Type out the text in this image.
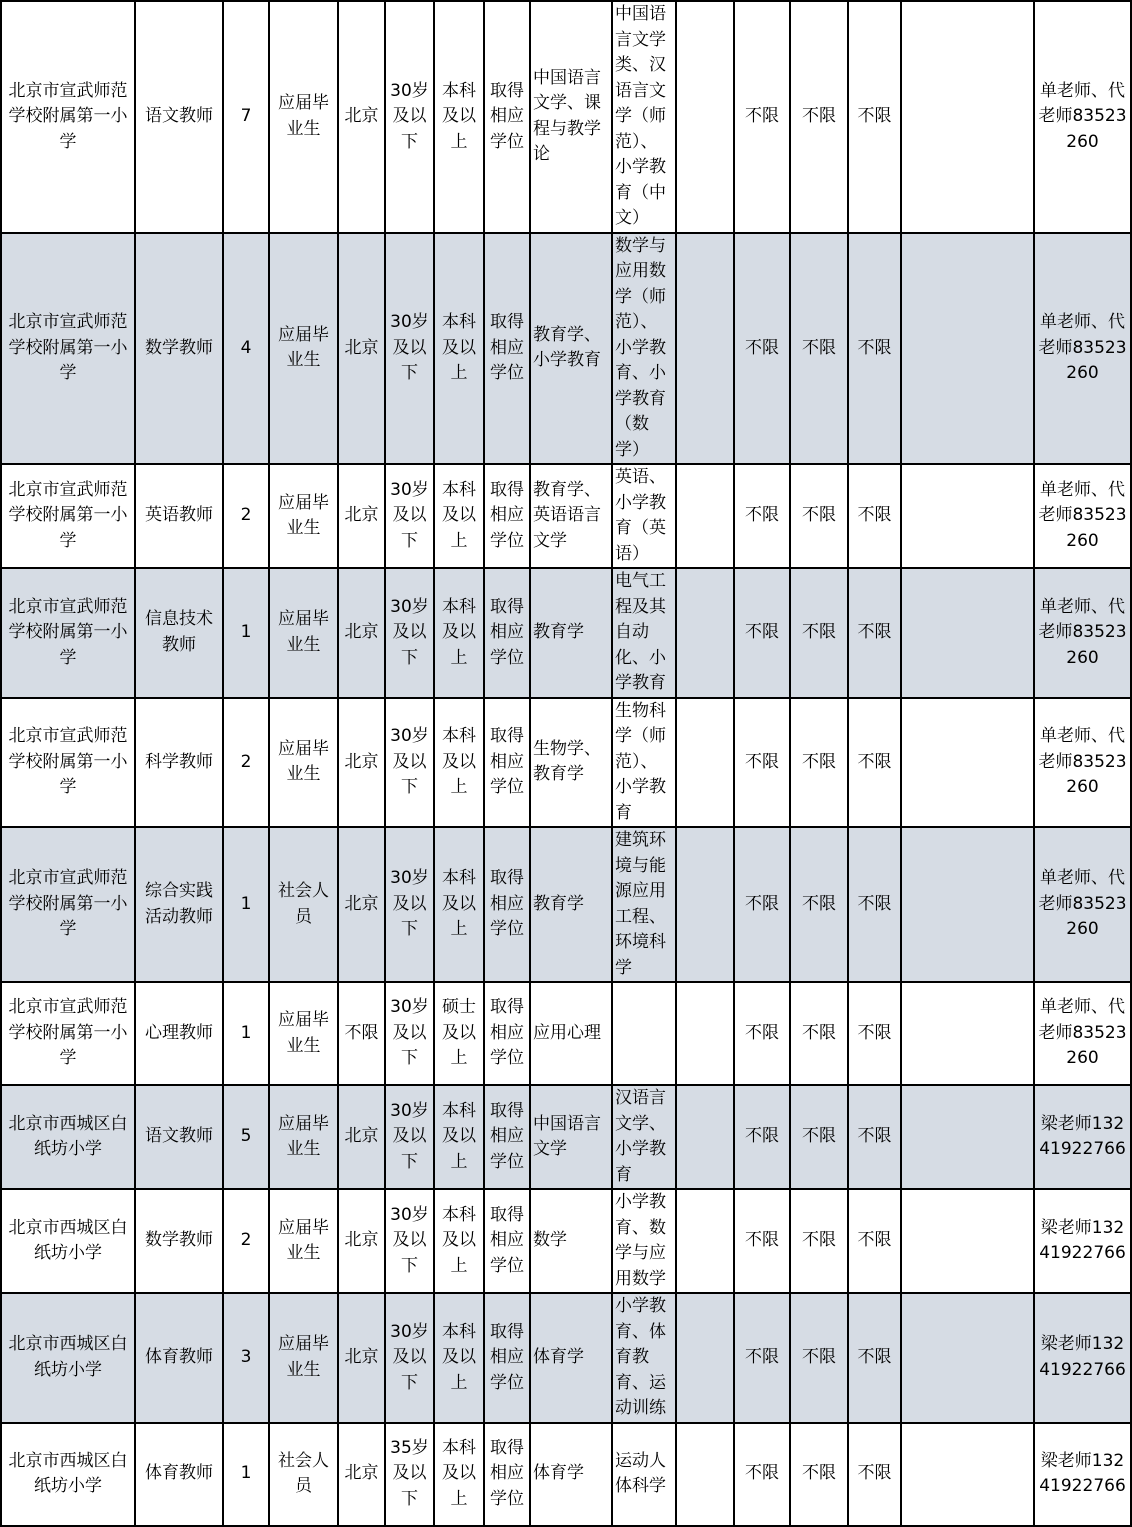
北京市宣武师范学校附属第一小学	语文教师	7	应届毕业生	北京	30岁及以下	本科及以上	取得相应学位	中国语言文学、课程与教学论	中国语言文学类、汉语言文学（师范）、小学教育（中文）		不限	不限	不限		单老师、代老师83523260
北京市宣武师范学校附属第一小学	数学教师	4	应届毕业生	北京	30岁及以下	本科及以上	取得相应学位	教育学、小学教育	数学与应用数学（师范）、小学教育、小学教育（数学）		不限	不限	不限		单老师、代老师83523260
北京市宣武师范学校附属第一小学	英语教师	2	应届毕业生	北京	30岁及以下	本科及以上	取得相应学位	教育学、英语语言文学	英语、小学教育（英语）		不限	不限	不限		单老师、代老师83523260
北京市宣武师范学校附属第一小学	信息技术教师	1	应届毕业生	北京	30岁及以下	本科及以上	取得相应学位	教育学	电气工程及其自动化、小学教育		不限	不限	不限		单老师、代老师83523260
北京市宣武师范学校附属第一小学	科学教师	2	应届毕业生	北京	30岁及以下	本科及以上	取得相应学位	生物学、教育学	生物科学（师范）、小学教育		不限	不限	不限		单老师、代老师83523260
北京市宣武师范学校附属第一小学	综合实践活动教师	1	社会人员	北京	30岁及以下	本科及以上	取得相应学位	教育学	建筑环境与能源应用工程、环境科学		不限	不限	不限		单老师、代老师83523260
北京市宣武师范学校附属第一小学	心理教师	1	应届毕业生	不限	30岁及以下	硕士及以上	取得相应学位	应用心理			不限	不限	不限		单老师、代老师83523260
北京市西城区白纸坊小学	语文教师	5	应届毕业生	北京	30岁及以下	本科及以上	取得相应学位	中国语言文学	汉语言文学、小学教育		不限	不限	不限		梁老师13241922766
北京市西城区白纸坊小学	数学教师	2	应届毕业生	北京	30岁及以下	本科及以上	取得相应学位	数学	小学教育、数学与应用数学		不限	不限	不限		梁老师13241922766
北京市西城区白纸坊小学	体育教师	3	应届毕业生	北京	30岁及以下	本科及以上	取得相应学位	体育学	小学教育、体育教育、运动训练		不限	不限	不限		梁老师13241922766
北京市西城区白纸坊小学	体育教师	1	社会人员	北京	35岁及以下	本科及以上	取得相应学位	体育学	运动人体科学		不限	不限	不限		梁老师13241922766
